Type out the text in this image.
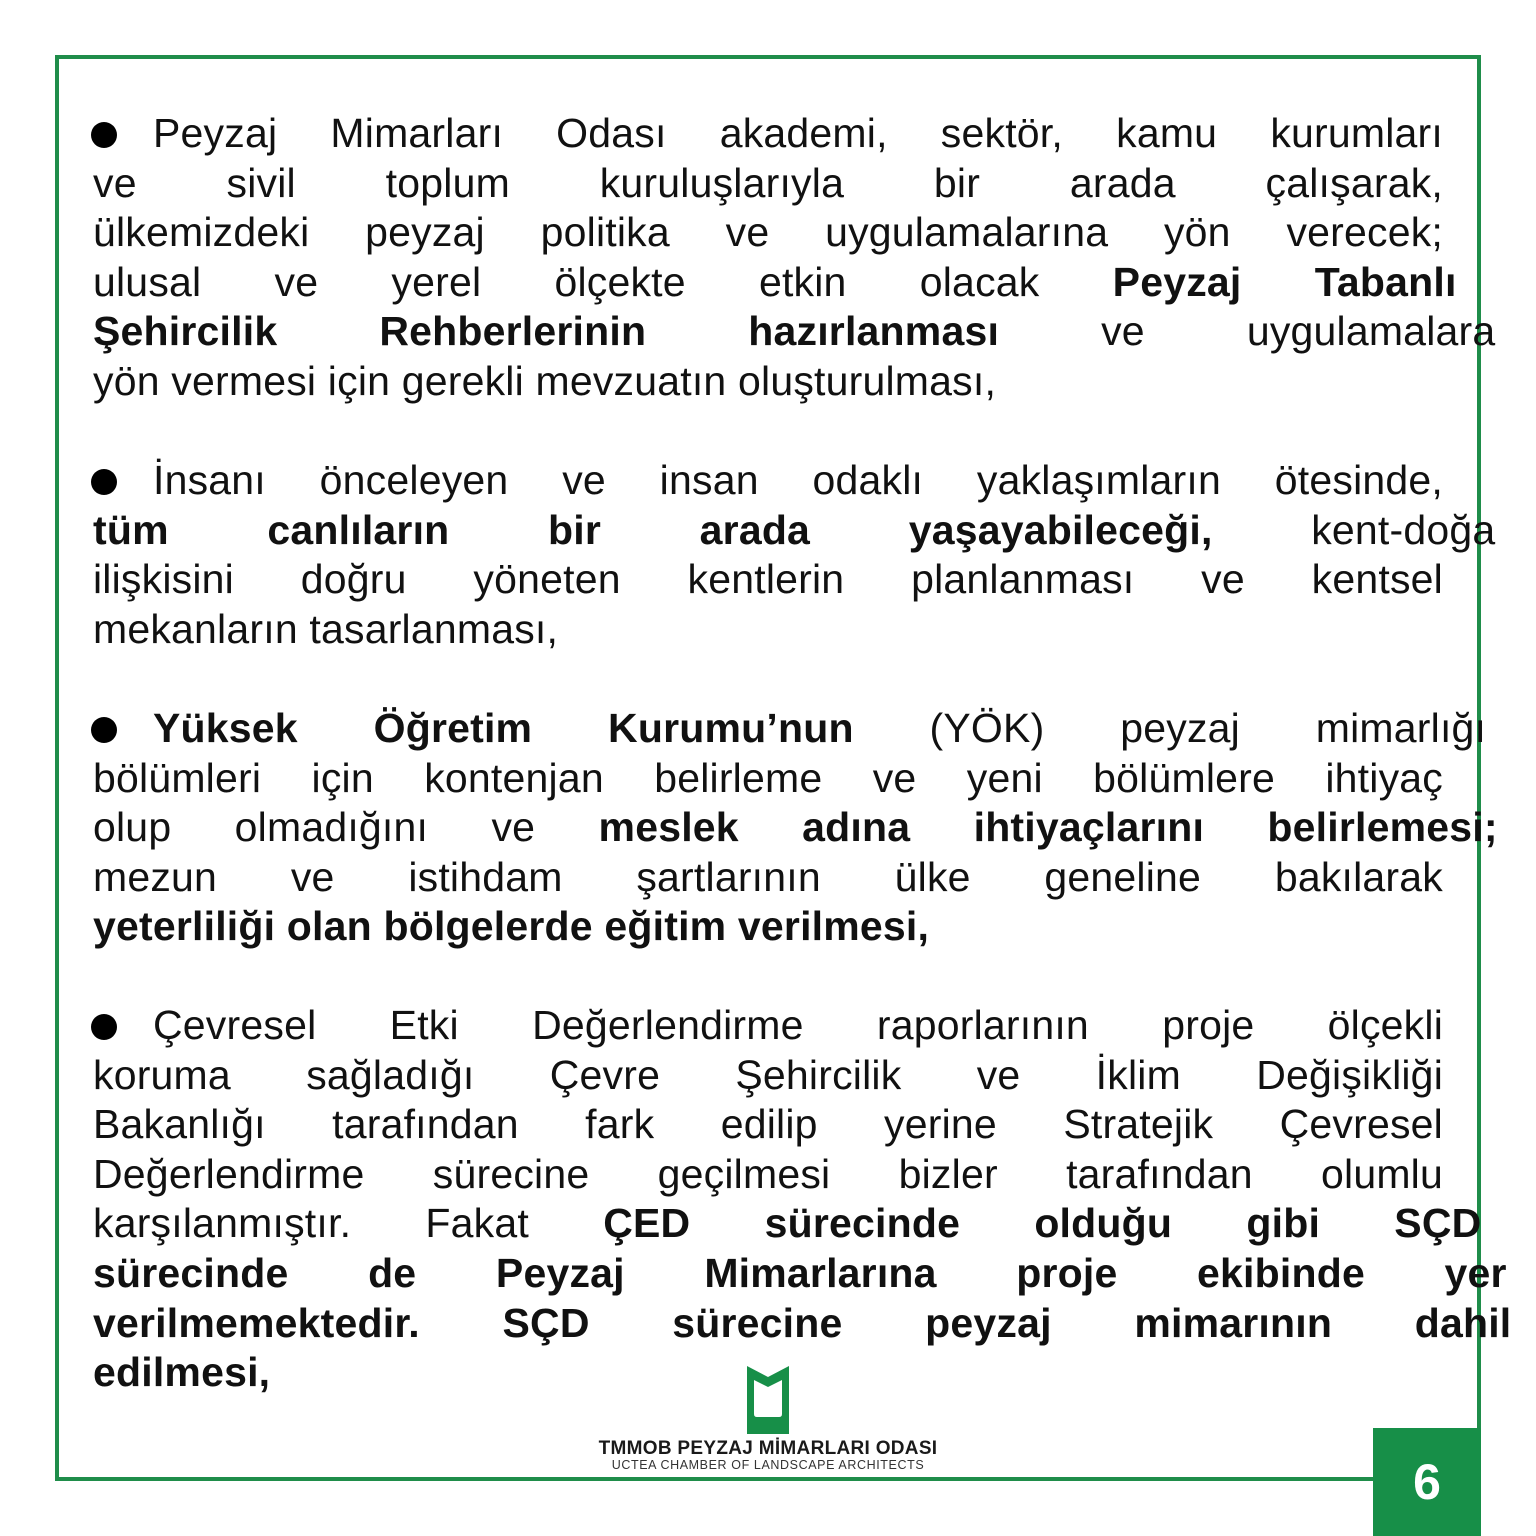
Peyzaj Mimarları Odası akademi, sektör, kamu kurumları
ve sivil toplum kuruluşlarıyla bir arada çalışarak,
ülkemizdeki peyzaj politika ve uygulamalarına yön verecek;
ulusal ve yerel ölçekte etkin olacak Peyzaj Tabanlı
Şehircilik Rehberlerinin hazırlanması ve uygulamalara
yön vermesi için gerekli mevzuatın oluşturulması,
İnsanı önceleyen ve insan odaklı yaklaşımların ötesinde,
tüm canlıların bir arada yaşayabileceği, kent-doğa
ilişkisini doğru yöneten kentlerin planlanması ve kentsel
mekanların tasarlanması,
Yüksek Öğretim Kurumu’nun (YÖK) peyzaj mimarlığı
bölümleri için kontenjan belirleme ve yeni bölümlere ihtiyaç
olup olmadığını ve meslek adına ihtiyaçlarını belirlemesi;
mezun ve istihdam şartlarının ülke geneline bakılarak
yeterliliği olan bölgelerde eğitim verilmesi,
Çevresel Etki Değerlendirme raporlarının proje ölçekli
koruma sağladığı Çevre Şehircilik ve İklim Değişikliği
Bakanlığı tarafından fark edilip yerine Stratejik Çevresel
Değerlendirme sürecine geçilmesi bizler tarafından olumlu
karşılanmıştır. Fakat ÇED sürecinde olduğu gibi SÇD
sürecinde de Peyzaj Mimarlarına proje ekibinde yer
verilmemektedir. SÇD sürecine peyzaj mimarının dahil
edilmesi,
TMMOB PEYZAJ MİMARLARI ODASI
UCTEA CHAMBER OF LANDSCAPE ARCHITECTS	6
